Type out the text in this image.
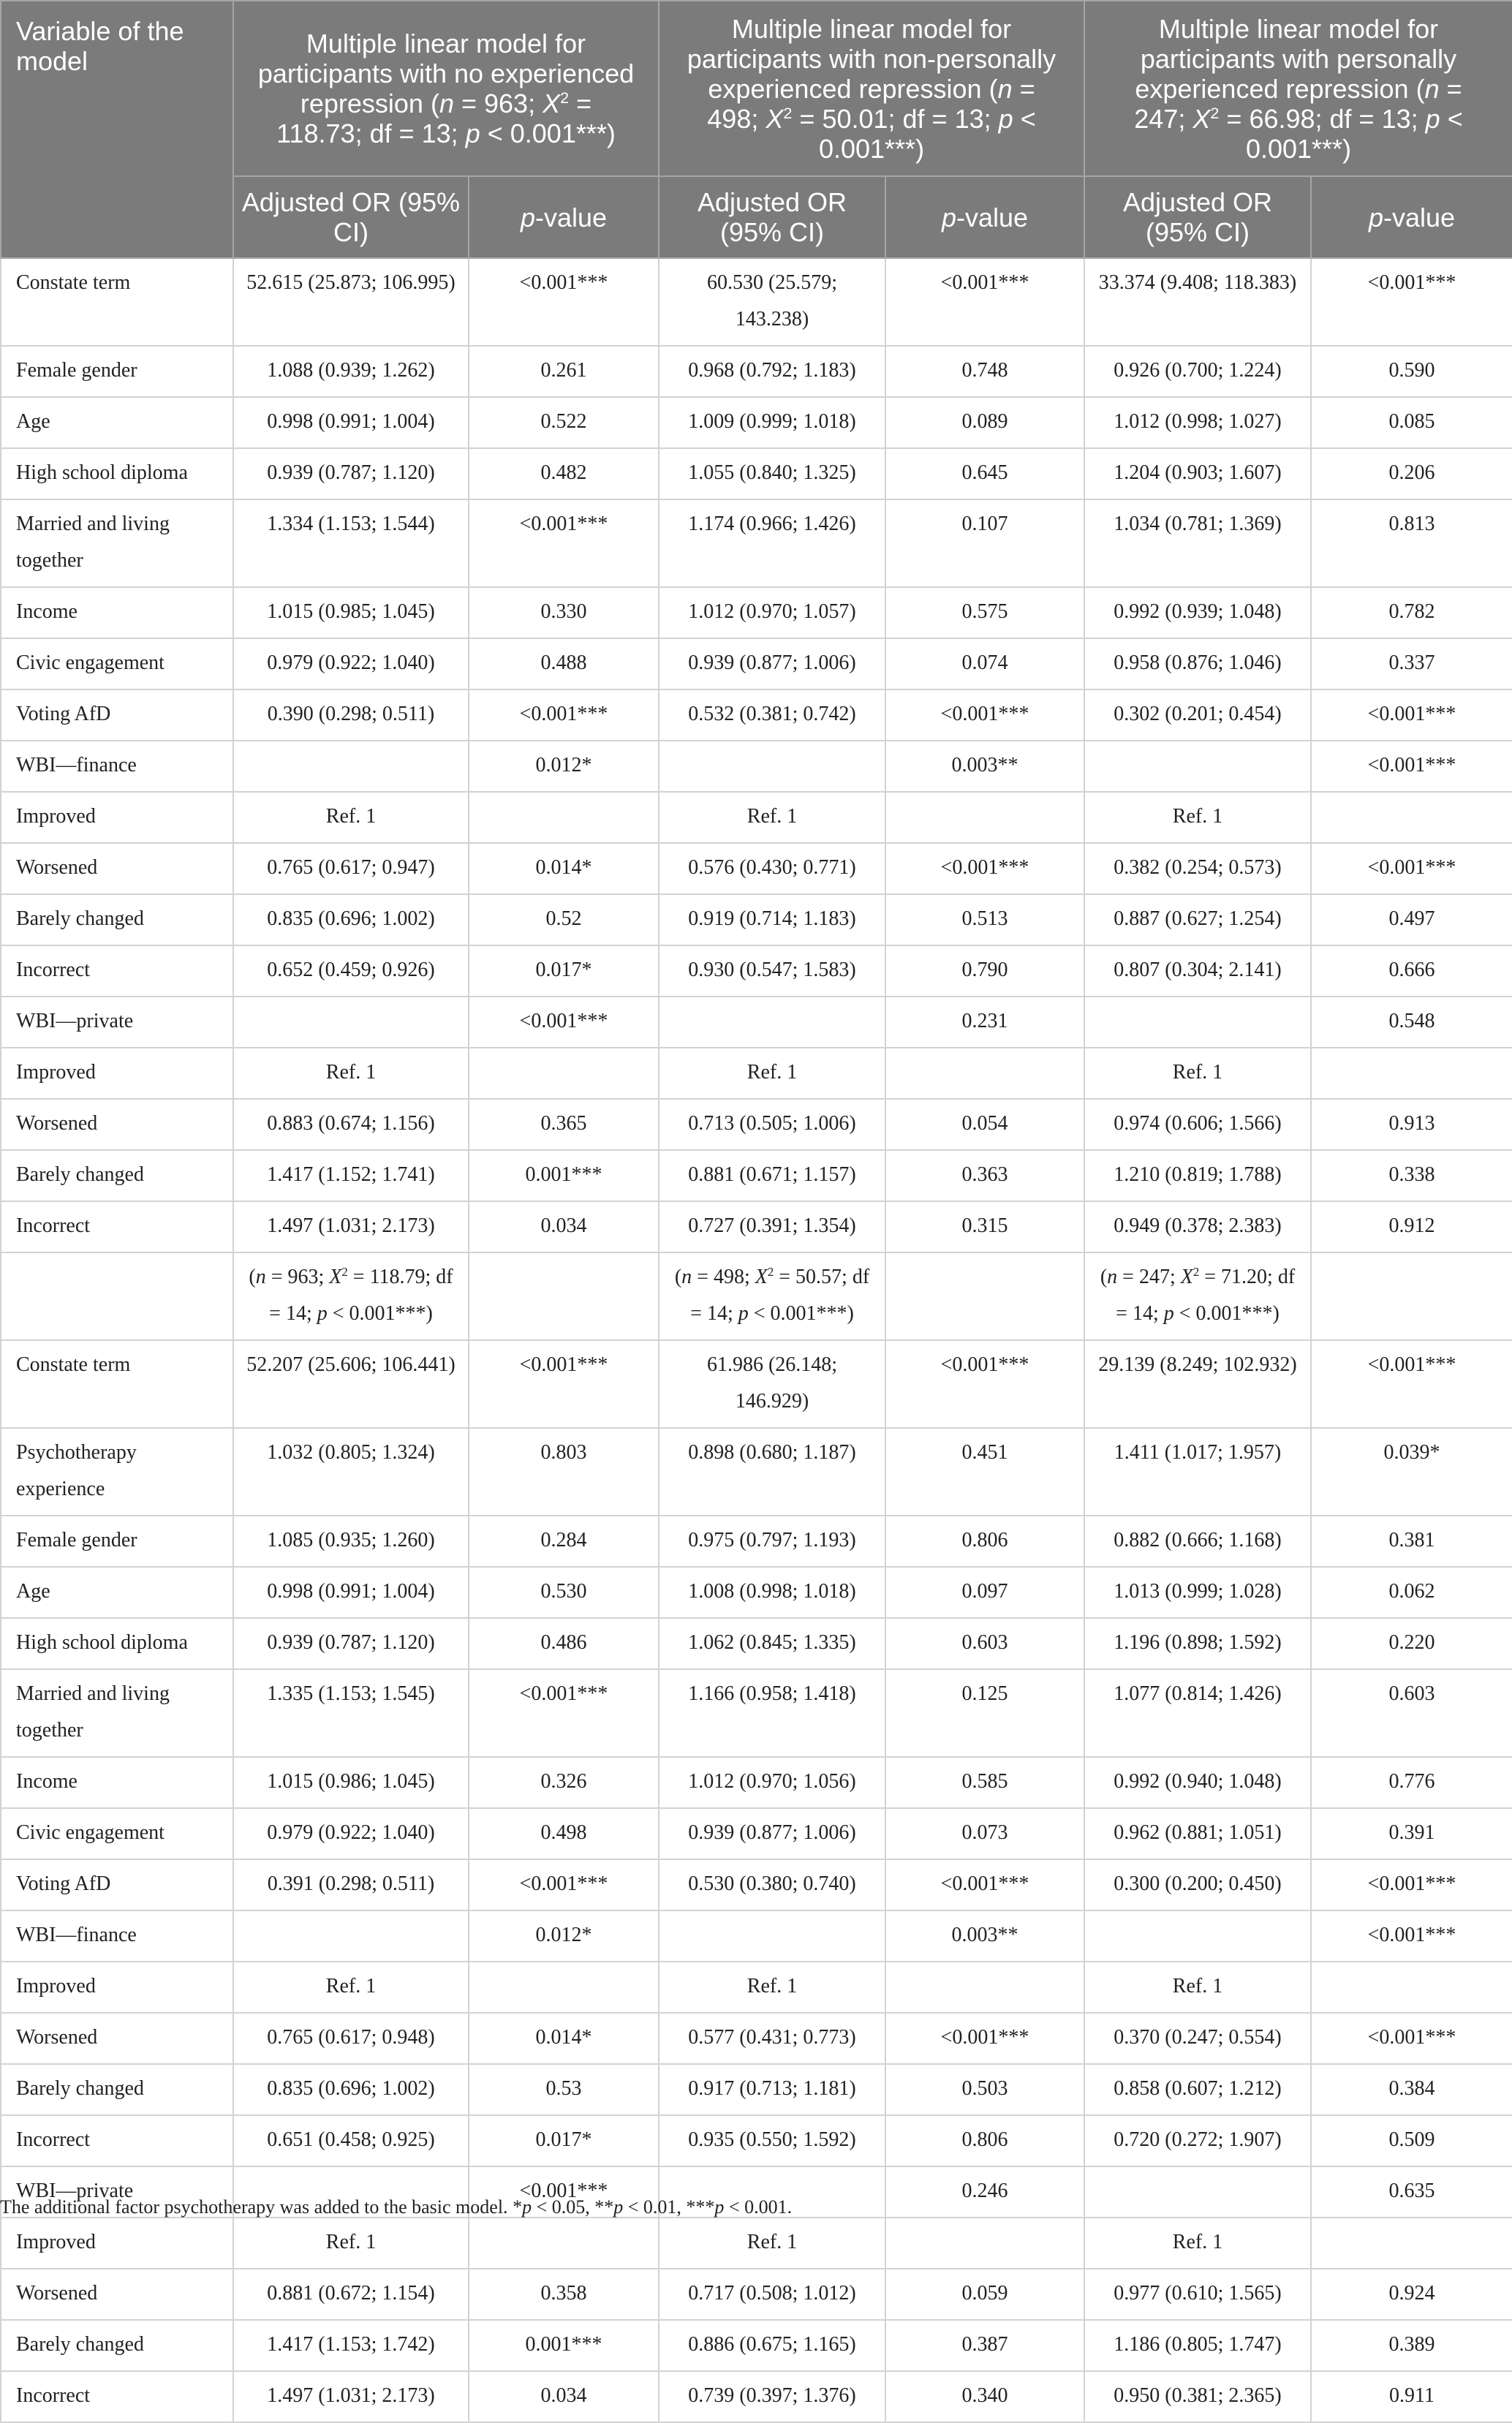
Variable of the model	Multiple linear model for participants with no experienced repression (n = 963; $X^2 = 118.73$; df = 13; p < 0.001***)		Multiple linear model for participants with non-personally experienced repression (n = 498; $X^2 = 50.01$; df = 13; p < 0.001***)		Multiple linear model for participants with personally experienced repression (n = 247; $X^2 = 66.98$; df = 13; p < 0.001***)	
	Adjusted OR (95% CI)	p-value	Adjusted OR (95% CI)	p-value	Adjusted OR (95% CI)	p-value
Constate term	52.615 (25.873; 106.995)	<0.001***	60.530 (25.579; 143.238)	<0.001***	33.374 (9.408; 118.383)	<0.001***
Female gender	1.088 (0.939; 1.262)	0.261	0.968 (0.792; 1.183)	0.748	0.926 (0.700; 1.224)	0.590
Age	0.998 (0.991; 1.004)	0.522	1.009 (0.999; 1.018)	0.089	1.012 (0.998; 1.027)	0.085
High school diploma	0.939 (0.787; 1.120)	0.482	1.055 (0.840; 1.325)	0.645	1.204 (0.903; 1.607)	0.206
Married and living together	1.334 (1.153; 1.544)	<0.001***	1.174 (0.966; 1.426)	0.107	1.034 (0.781; 1.369)	0.813
Income	1.015 (0.985; 1.045)	0.330	1.012 (0.970; 1.057)	0.575	0.992 (0.939; 1.048)	0.782
Civic engagement	0.979 (0.922; 1.040)	0.488	0.939 (0.877; 1.006)	0.074	0.958 (0.876; 1.046)	0.337
Voting AfD	0.390 (0.298; 0.511)	<0.001***	0.532 (0.381; 0.742)	<0.001***	0.302 (0.201; 0.454)	<0.001***
WBI—finance		0.012*		0.003**		<0.001***
Improved	Ref. 1		Ref. 1		Ref. 1	
Worsened	0.765 (0.617; 0.947)	0.014*	0.576 (0.430; 0.771)	<0.001***	0.382 (0.254; 0.573)	<0.001***
Barely changed	0.835 (0.696; 1.002)	0.52	0.919 (0.714; 1.183)	0.513	0.887 (0.627; 1.254)	0.497
Incorrect	0.652 (0.459; 0.926)	0.017*	0.930 (0.547; 1.583)	0.790	0.807 (0.304; 2.141)	0.666
WBI—private		<0.001***		0.231		0.548
Improved	Ref. 1		Ref. 1		Ref. 1	
Worsened	0.883 (0.674; 1.156)	0.365	0.713 (0.505; 1.006)	0.054	0.974 (0.606; 1.566)	0.913
Barely changed	1.417 (1.152; 1.741)	0.001***	0.881 (0.671; 1.157)	0.363	1.210 (0.819; 1.788)	0.338
Incorrect	1.497 (1.031; 2.173)	0.034	0.727 (0.391; 1.354)	0.315	0.949 (0.378; 2.383)	0.912
	(n = 963; $X^2 = 118.79$; df = 14; p < 0.001***)		(n = 498; $X^2 = 50.57$; df = 14; p < 0.001***)		(n = 247; $X^2 = 71.20$; df = 14; p < 0.001***)	
Constate term	52.207 (25.606; 106.441)	<0.001***	61.986 (26.148; 146.929)	<0.001***	29.139 (8.249; 102.932)	<0.001***
Psychotherapy experience	1.032 (0.805; 1.324)	0.803	0.898 (0.680; 1.187)	0.451	1.411 (1.017; 1.957)	0.039*
Female gender	1.085 (0.935; 1.260)	0.284	0.975 (0.797; 1.193)	0.806	0.882 (0.666; 1.168)	0.381
Age	0.998 (0.991; 1.004)	0.530	1.008 (0.998; 1.018)	0.097	1.013 (0.999; 1.028)	0.062
High school diploma	0.939 (0.787; 1.120)	0.486	1.062 (0.845; 1.335)	0.603	1.196 (0.898; 1.592)	0.220
Married and living together	1.335 (1.153; 1.545)	<0.001***	1.166 (0.958; 1.418)	0.125	1.077 (0.814; 1.426)	0.603
Income	1.015 (0.986; 1.045)	0.326	1.012 (0.970; 1.056)	0.585	0.992 (0.940; 1.048)	0.776
Civic engagement	0.979 (0.922; 1.040)	0.498	0.939 (0.877; 1.006)	0.073	0.962 (0.881; 1.051)	0.391
Voting AfD	0.391 (0.298; 0.511)	<0.001***	0.530 (0.380; 0.740)	<0.001***	0.300 (0.200; 0.450)	<0.001***
WBI—finance		0.012*		0.003**		<0.001***
Improved	Ref. 1		Ref. 1		Ref. 1	
Worsened	0.765 (0.617; 0.948)	0.014*	0.577 (0.431; 0.773)	<0.001***	0.370 (0.247; 0.554)	<0.001***
Barely changed	0.835 (0.696; 1.002)	0.53	0.917 (0.713; 1.181)	0.503	0.858 (0.607; 1.212)	0.384
Incorrect	0.651 (0.458; 0.925)	0.017*	0.935 (0.550; 1.592)	0.806	0.720 (0.272; 1.907)	0.509
WBI—private		<0.001***		0.246		0.635
Improved	Ref. 1		Ref. 1		Ref. 1	
Worsened	0.881 (0.672; 1.154)	0.358	0.717 (0.508; 1.012)	0.059	0.977 (0.610; 1.565)	0.924
Barely changed	1.417 (1.153; 1.742)	0.001***	0.886 (0.675; 1.165)	0.387	1.186 (0.805; 1.747)	0.389
Incorrect	1.497 (1.031; 2.173)	0.034	0.739 (0.397; 1.376)	0.340	0.950 (0.381; 2.365)	0.911
The additional factor psychotherapy was added to the basic model. *p < 0.05, **p < 0.01, ***p < 0.001.
